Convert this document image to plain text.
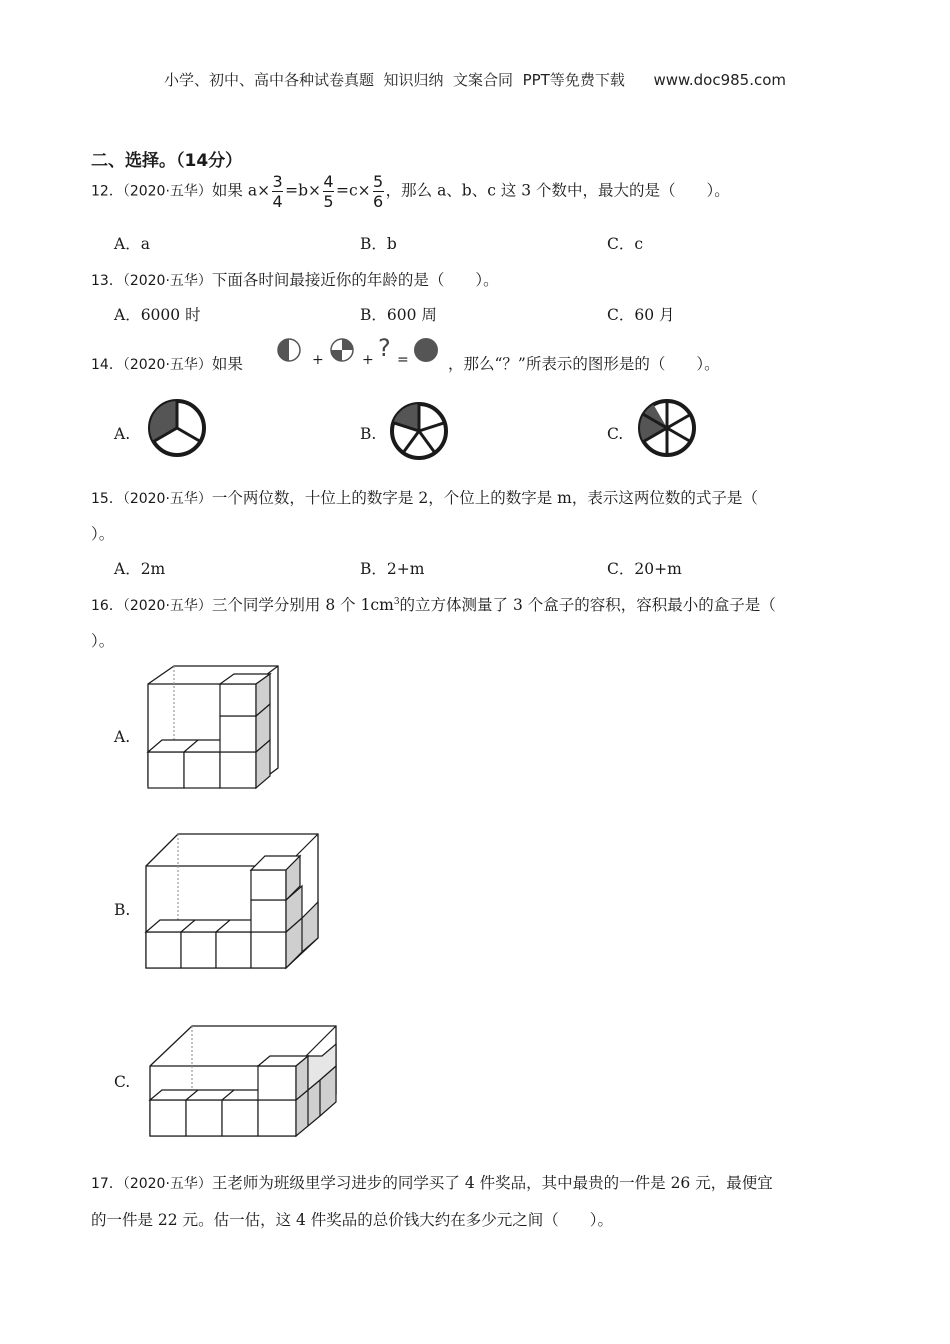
小学、初中、高中各种试卷真题  知识归纳  文案合同  PPT等免费下载      www.doc985.com
二、选择。（14分）
12．（2020·五华）如果 $a\times \frac{3}{4} =b\times \frac{4}{5} =c\times \frac{5}{6}$ ，那么 a、b、c 这 3 个数中，最大的是（　　）。
A．a	B．b	C．c
13．（2020·五华）下面各时间最接近你的年龄的是（　　）。
A．6000 时	B．600 周	C．60 月
14．（2020·五华）如果	+	+ ? =	，那么“？”所表示的图形是的（　　）。
A.	B.	C.
15．（2020·五华）一个两位数，十位上的数字是 2，个位上的数字是 m，表示这两位数的式子是（
）。
A．2m	B．2+m	C．20+m
16．（2020·五华）三个同学分别用 8 个 $1cm^3$的立方体测量了 3 个盒子的容积，容积最小的盒子是（
）。
A.
B.
C.
17．（2020·五华）王老师为班级里学习进步的同学买了 4 件奖品，其中最贵的一件是 26 元，最便宜
的一件是 22 元。估一估，这 4 件奖品的总价钱大约在多少元之间（　　）。
